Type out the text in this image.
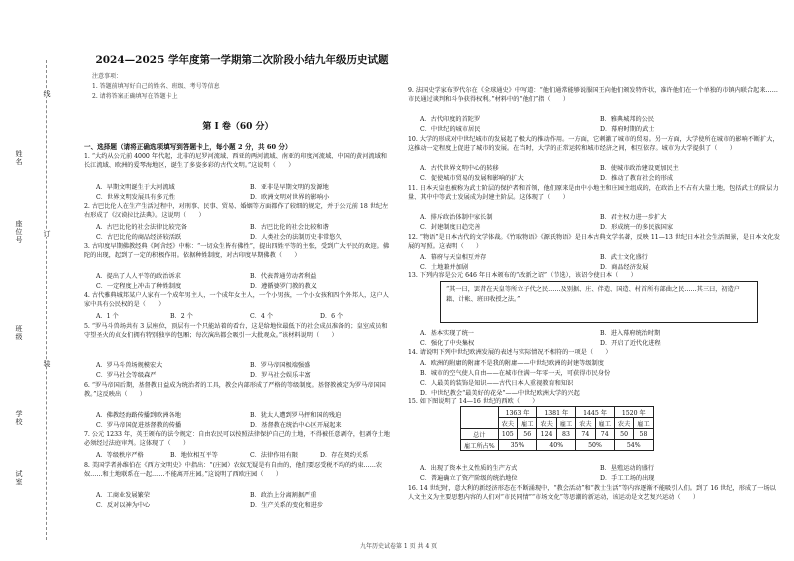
姓名
座位号
班级
学校
试室
线
订
装
2024—2025 学年度第一学期第二次阶段小结九年级历史试题
注意事项：
1. 答题前填写好自己的姓名、班级、考号等信息
2. 请将答案正确填写在答题卡上
第 I 卷（60 分）
一、选择题（请将正确选项填写到答题卡上，每小题 2 分，共 60 分）
1. “大约从公元前 4000 年代起，北非的尼罗河流域、西亚的两河流域、南亚的印度河流域、中国的黄河流域和长江流域、欧洲的爱琴海地区，诞生了多姿多彩的古代文明。”这说明（　　）
A．早期文明诞生于大河流域	B．亚非是早期文明的发源地
C．世界文明发展具有多元性	D．欧洲文明对世界的影响小
2. 古巴比伦人在生产生活过程中，对刑事、民事、贸易、婚姻等方面都作了较细的规定，并于公元前 18 世纪左右形成了《汉谟拉比法典》。这说明（　　）
A．古巴比伦的社会法律比较完备	B．古巴比伦的社会比较和谐
C．古巴比伦的商品经济较活跃	D．人类社会的法制历史非常悠久
3. 古印度早期佛教经典《阿含经》中称：“一切众生皆有佛性”，提出四姓平等的主张，受到广大平民的欢迎。佛陀的出现，起到了一定的积极作用。依据种姓制度，对古印度早期佛教（　　）
A．提出了人人平等的政治诉求	B．代表普通劳动者利益
C．一定程度上冲击了种姓制度	D．遵循婆罗门教的教义
4. 古代雅典城邦某户人家有一个成年男主人，一个成年女主人，一个小男孩，一个小女孩和四个外邦人，这户人家中具有公民权的是（　　）
A．1 个	B．2 个	C．4 个	D．6 个
5. “罗马斗兽场共有 3 层座位，顶层有一个只能站着的看台，这是给地位最低下的社会成员准备的；皇室成员和守望圣火的贞女们拥有特别独享的包厢；每次演出都会吸引一大批观众。”该材料说明（　　）
A．罗马斗兽场规模宏大	B．罗马帝国极端强盛
C．罗马社会等级森严	D．罗马社会娱乐丰富
6. “罗马帝国后期，基督教日益成为统治者的工具，教会内部形成了严格的等级制度。基督教被定为罗马帝国国教。”这反映出（　　）
A．佛教经海路传播到欧洲各地	B．犹太人遭到罗马抨和国的残迫
C．罗马帝国促进基督教的传播	D．基督教在统治中心区开展起来
7. 公元 1233 年，英王颁布的法令规定：自由农民可以按照法律保护自己的土地，不得被任意剥夺，但剥夺土地必须经过法庭审判。这体现了（　　）
A．等级秩序严格	B．地位相互平等	C．法律作用有限	D．存在契约关系
8. 美国学者孙维伯在《西方文明史》中指出：“(庄园）农奴无疑是有自由的，他们要忍受税不均的约束……农奴……和土地联系在一起……不能离开庄园。”这说明了西欧庄园（　　）
A．工商业发展繁荣	B．政治上分离割据严重
C．反对以神为中心	D．生产关系的变化和进步
9. 法国史学家布罗代尔在《全球通史》中写道：“他们通常能够说服国王向他们颁发特许状，准许他们在一个单独的市镇内联合起来……市民通过谈判和斗争获得权利。”材料中的“他们”指（　　）
A．古代印度的首陀罗	B．雅典城邦的公民
C．中世纪的城市居民	D．幕府时期的武士
10. 大学的形成对中世纪城市的发展起了极大的推动作用。一方面，它刺激了城市的贸易。另一方面，大学使所在城市的影响不断扩大，这推动一定程度上促进了城市的发展。在当时，大学的正常运转和城市经济之间，相互依存。城市为大学提供了（　　）
A．古代世界文明中心的转移	B．使城市政治建设更加民主
C．促使城市贸易的发展和影响的扩大	D．推动了教育社会的形成
11. 日本天皇也被称为武士阶层的保护者和首领，他们原来是由中小地主和庄园主组成的，在政治上不占有大量土地，包括武士的阶层力量、其中中等武士发展成为封建主阶层。这体现了（　　）
A．排斥政治体制中家长制	B．君主权力进一步扩大
C．封建制度日趋完善	D．形成统一的多民族国家
12. “物语”是日本古代的文学体裁。《竹取物语》《源氏物语》是日本古典文学名著，反映 11—13 世纪日本社会生活图景，是日本文化发展的写照。这表明（　　）
A．幕府与天皇相互并存	B．武士文化盛行
C．土地兼并加剧	D．商品经济发展
13. 下列内容是公元 646 年日本颁布的“改新之诏”（节选），该诏令使日本（　　）
“其一曰，罢昔在天皇等所立子代之民……及别据、庄、伴造、国造、村首所有部曲之民……其三曰，初造户籍、计帐、班田收授之法。”
A．基本实现了统一	B．进入幕府统治时期
C．强化了中央集权	D．开启了近代化进程
14. 请说明下列中世纪欧洲发展的表述与实际情况不相符的一项是（　　）
A．欧洲的附庸的附庸不是我的附庸——中世纪欧洲的封建等级制度
B．城市的空气使人自由——在城市住满一年零一天，可获得市民身份
C．人最美的装饰是知识——古代日本人重视教育和知识
D．中世纪教会“最美好的花朵”——中世纪欧洲大学的兴起
15. 如下图说明了 14—16 世纪的西欧（　　）
	1363 年		1381 年		1445 年		1520 年	
	农夫	雇工	农夫	雇工	农夫	雇工	农夫	雇工
总计	105	56	124	83	74	74	50	58
雇工所占%	35%		40%		50%		54%	
A．出现了资本主义性质的生产方式	B．垦殖运动的盛行
C．普遍确立了资产阶级的统治地位	D．手工工场的出现
16. 14 世纪时，意大利的新经济形态在不断涌现中，“教会活动”和“教士生活”等内容逐渐不能吸引人们。到了 16 世纪，形成了一场以人文主义为主要思想内容的人们对“市民同情”“市场文化”等思潮的新运动，该运动是文艺复兴运动（　　）
九年历史试卷第 1 页 共 4 页
